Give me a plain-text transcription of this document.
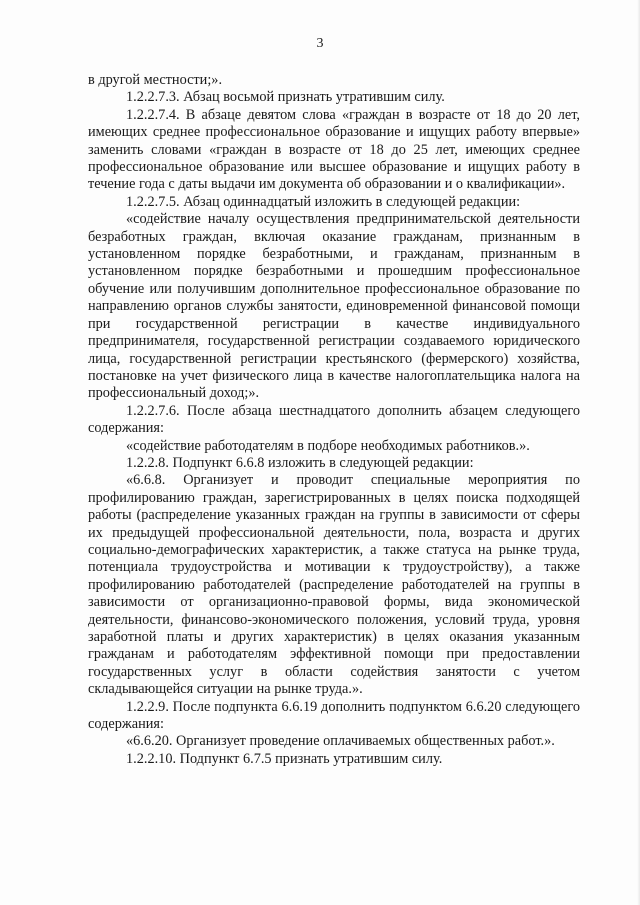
3

в другой местности;».

1.2.2.7.3. Абзац восьмой признать утратившим силу.

1.2.2.7.4. В абзаце девятом слова «граждан в возрасте от 18 до 20 лет, имеющих среднее профессиональное образование и ищущих работу впервые» заменить словами «граждан в возрасте от 18 до 25 лет, имеющих среднее профессиональное образование или высшее образование и ищущих работу в течение года с даты выдачи им документа об образовании и о квалификации».

1.2.2.7.5. Абзац одиннадцатый изложить в следующей редакции:

«содействие началу осуществления предпринимательской деятельности безработных граждан, включая оказание гражданам, признанным в установленном порядке безработными, и гражданам, признанным в установленном порядке безработными и прошедшим профессиональное обучение или получившим дополнительное профессиональное образование по направлению органов службы занятости, единовременной финансовой помощи при государственной регистрации в качестве индивидуального предпринимателя, государственной регистрации создаваемого юридического лица, государственной регистрации крестьянского (фермерского) хозяйства, постановке на учет физического лица в качестве налогоплательщика налога на профессиональный доход;».

1.2.2.7.6. После абзаца шестнадцатого дополнить абзацем следующего содержания:

«содействие работодателям в подборе необходимых работников.».

1.2.2.8. Подпункт 6.6.8 изложить в следующей редакции:

«6.6.8. Организует и проводит специальные мероприятия по профилированию граждан, зарегистрированных в целях поиска подходящей работы (распределение указанных граждан на группы в зависимости от сферы их предыдущей профессиональной деятельности, пола, возраста и других социально-демографических характеристик, а также статуса на рынке труда, потенциала трудоустройства и мотивации к трудоустройству), а также профилированию работодателей (распределение работодателей на группы в зависимости от организационно-правовой формы, вида экономической деятельности, финансово-экономического положения, условий труда, уровня заработной платы и других характеристик) в целях оказания указанным гражданам и работодателям эффективной помощи при предоставлении государственных услуг в области содействия занятости с учетом складывающейся ситуации на рынке труда.».

1.2.2.9. После подпункта 6.6.19 дополнить подпунктом 6.6.20 следующего содержания:

«6.6.20. Организует проведение оплачиваемых общественных работ.».

1.2.2.10. Подпункт 6.7.5 признать утратившим силу.
